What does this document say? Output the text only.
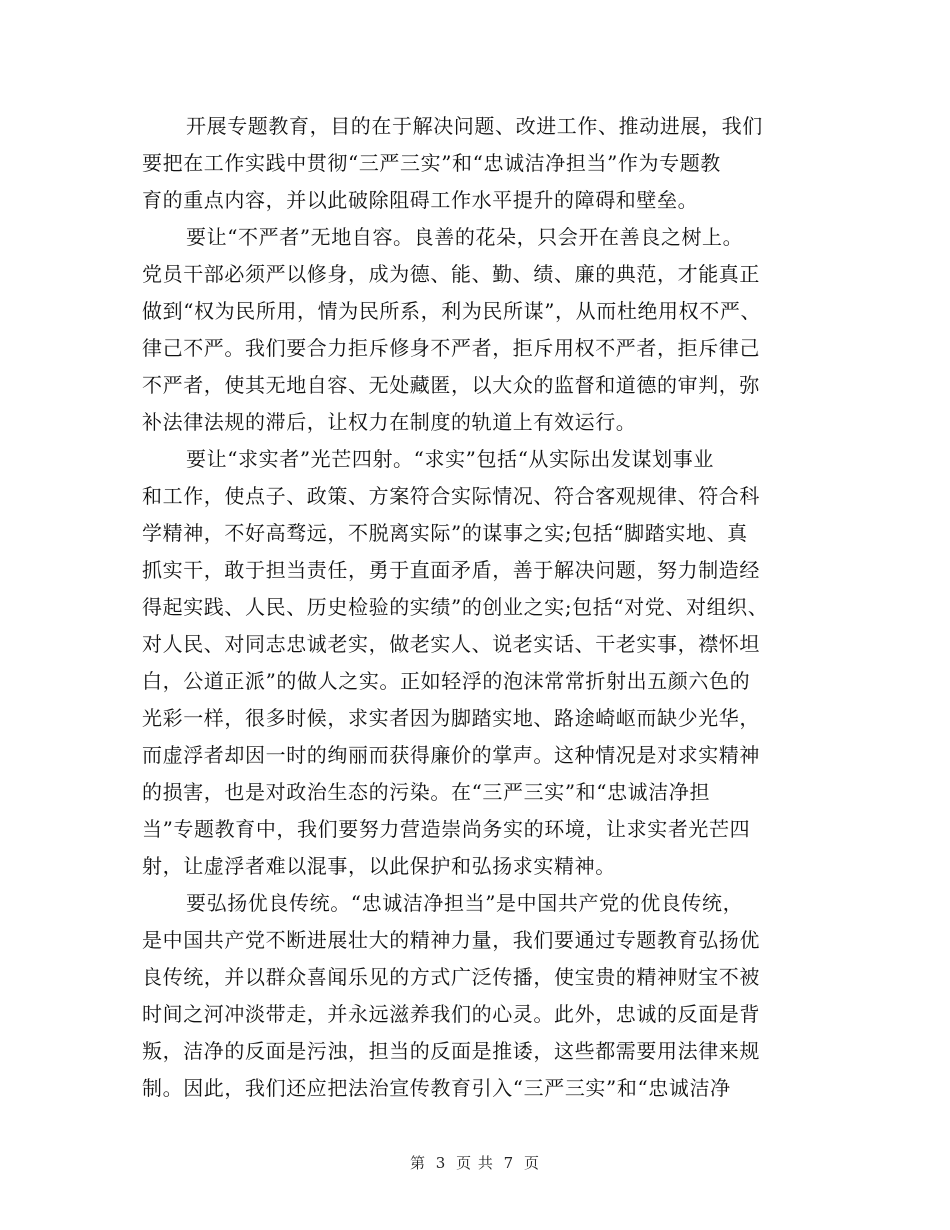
开展专题教育，目的在于解决问题、改进工作、推动进展，我们
要把在工作实践中贯彻“三严三实”和“忠诚洁净担当”作为专题教
育的重点内容，并以此破除阻碍工作水平提升的障碍和壁垒。
要让“不严者”无地自容。良善的花朵，只会开在善良之树上。
党员干部必须严以修身，成为德、能、勤、绩、廉的典范，才能真正
做到“权为民所用，情为民所系，利为民所谋”，从而杜绝用权不严、
律己不严。我们要合力拒斥修身不严者，拒斥用权不严者，拒斥律己
不严者，使其无地自容、无处藏匿，以大众的监督和道德的审判，弥
补法律法规的滞后，让权力在制度的轨道上有效运行。
要让“求实者”光芒四射。“求实”包括“从实际出发谋划事业
和工作，使点子、政策、方案符合实际情况、符合客观规律、符合科
学精神，不好高骛远，不脱离实际”的谋事之实;包括“脚踏实地、真
抓实干，敢于担当责任，勇于直面矛盾，善于解决问题，努力制造经
得起实践、人民、历史检验的实绩”的创业之实;包括“对党、对组织、
对人民、对同志忠诚老实，做老实人、说老实话、干老实事，襟怀坦
白，公道正派”的做人之实。正如轻浮的泡沫常常折射出五颜六色的
光彩一样，很多时候，求实者因为脚踏实地、路途崎岖而缺少光华，
而虚浮者却因一时的绚丽而获得廉价的掌声。这种情况是对求实精神
的损害，也是对政治生态的污染。在“三严三实”和“忠诚洁净担
当”专题教育中，我们要努力营造崇尚务实的环境，让求实者光芒四
射，让虚浮者难以混事，以此保护和弘扬求实精神。
要弘扬优良传统。“忠诚洁净担当”是中国共产党的优良传统，
是中国共产党不断进展壮大的精神力量，我们要通过专题教育弘扬优
良传统，并以群众喜闻乐见的方式广泛传播，使宝贵的精神财宝不被
时间之河冲淡带走，并永远滋养我们的心灵。此外，忠诚的反面是背
叛，洁净的反面是污浊，担当的反面是推诿，这些都需要用法律来规
制。因此，我们还应把法治宣传教育引入“三严三实”和“忠诚洁净
第 3 页 共 7 页
